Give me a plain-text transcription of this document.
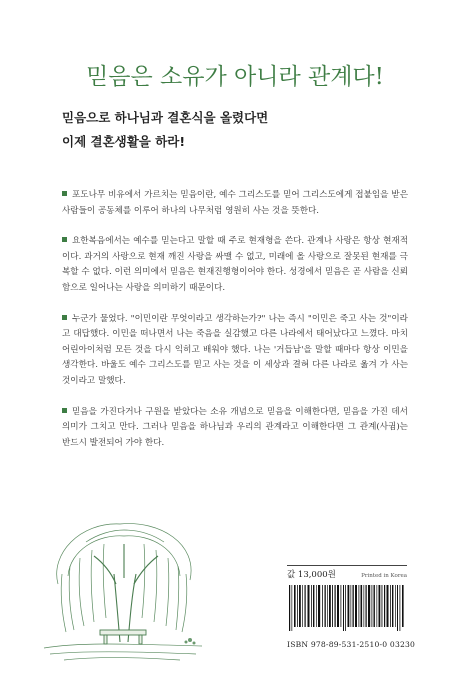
믿음은 소유가 아니라 관계다!
믿음으로 하나님과 결혼식을 올렸다면
이제 결혼생활을 하라!

포도나무 비유에서 가르치는 믿음이란, 예수 그리스도를 믿어 그리스도에게 접붙임을 받은 사람들이 공동체를 이루어 하나의 나무처럼 영원히 사는 것을 뜻한다.

요한복음에서는 예수를 믿는다고 말할 때 주로 현재형을 쓴다. 관계나 사랑은 항상 현재적이다. 과거의 사랑으로 현재 깨진 사랑을 싸맬 수 없고, 미래에 올 사랑으로 잘못된 현재를 극복할 수 없다. 이런 의미에서 믿음은 현재진행형이어야 한다. 성경에서 믿음은 곧 사람을 신뢰함으로 일어나는 사랑을 의미하기 때문이다.

누군가 물었다. "이민이란 무엇이라고 생각하는가?" 나는 즉시 "이민은 죽고 사는 것"이라고 대답했다. 이민을 떠나면서 나는 죽음을 실감했고 다른 나라에서 태어났다고 느꼈다. 마치 어린아이처럼 모든 것을 다시 익히고 배워야 했다. 나는 '거듭남'을 말할 때마다 항상 이민을 생각한다. 바울도 예수 그리스도를 믿고 사는 것을 이 세상과 결혀 다른 나라로 옮겨 가 사는 것이라고 말했다.

믿음을 가진다거나 구원을 받았다는 소유 개념으로 믿음을 이해한다면, 믿음을 가진 데서 의미가 그치고 만다. 그러나 믿음을 하나님과 우리의 관계라고 이해한다면 그 관계(사귐)는 반드시 발전되어 가야 한다.

값 13,000원	Printed in Korea
ISBN 978-89-531-2510-0 03230
